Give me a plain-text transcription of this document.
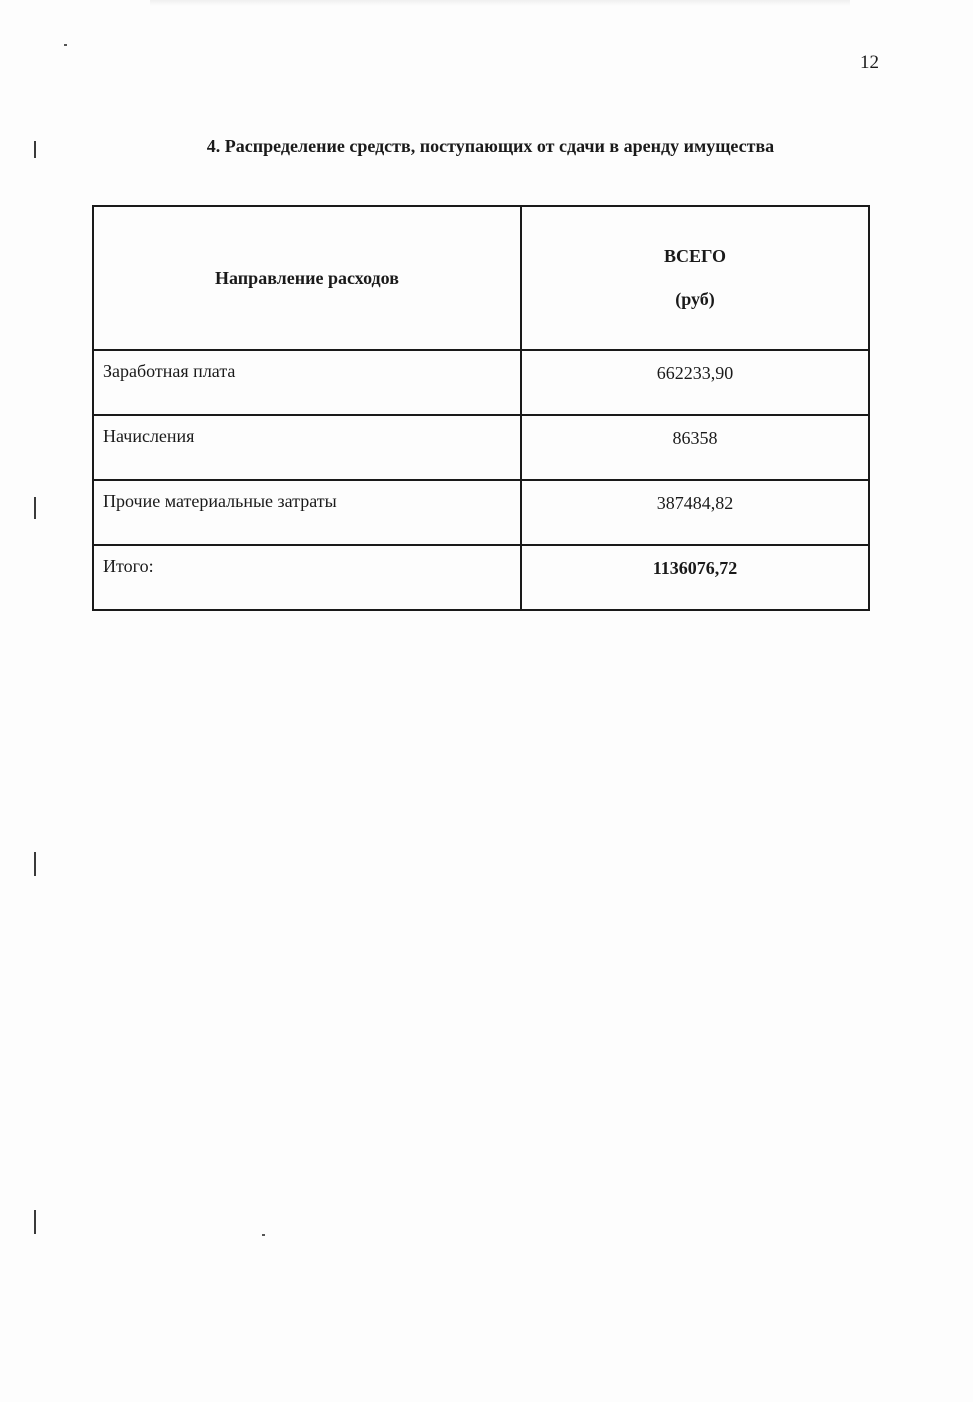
12
4. Распределение средств, поступающих от сдачи в аренду имущества
Направление расходов	ВСЕГО
(руб)

Заработная плата	662233,90
Начисления	86358
Прочие материальные затраты	387484,82
Итого:	1136076,72
